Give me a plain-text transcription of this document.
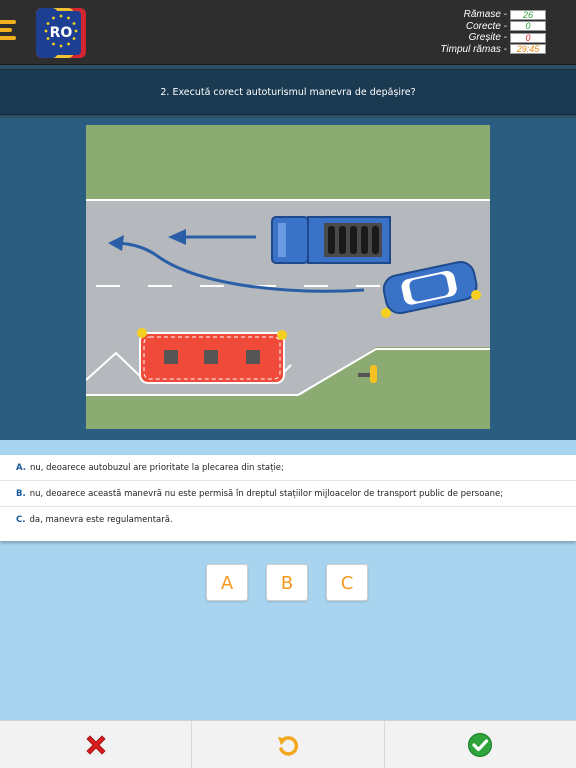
RO
Rămase -	26
Corecte -	0
Greșite -	0
Timpul rămas -	29:45
2. Execută corect autoturismul manevra de depășire?
A. nu, deoarece autobuzul are prioritate la plecarea din stație;
B. nu, deoarece această manevră nu este permisă în dreptul stațiilor mijloacelor de transport public de persoane;
C. da, manevra este regulamentară.
A	B	C
